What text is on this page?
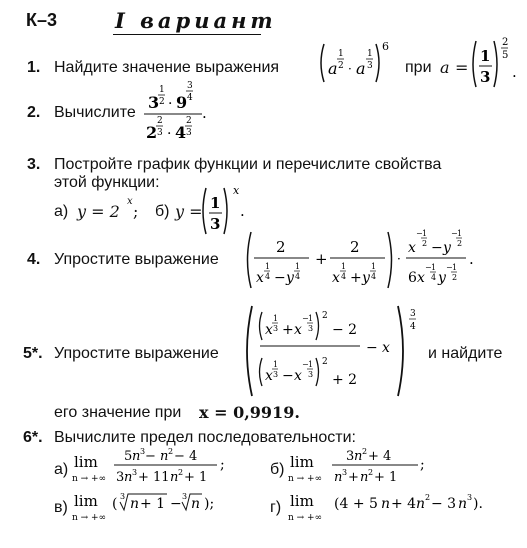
К–3	I вариант
1. Найдите значение выражения	a
1
2 · a
1
3
6
при a =
1
3
2
5
.
2. Вычислите
3
1
2 · 9
3
4
2
2
3 · 4
2
3
.
3. Постройте график функции и перечислите свойства
этой функции:
а) y = 2
x
; б) y = 1
3
x
.
4. Упростите выражение
2
x
1
4 − y
1
4
+
2
x
1
4 + y
1
4
·
x
− 1
2 − y
− 1
2
6 x
− 1
4 y
− 1
2
.
5*. Упростите выражение
x
1
3 + x
− 1
3
2
− 2
x
1
3 − x
− 1
3
2
+ 2
− x
3
4
и найдите
его значение при x = 0,9919.
6*. Вычислите предел последовательности:
а) lim
n → +∞
5 n 3 − n 2 − 4
3 n 3 + 11 n 2 + 1
;	б) lim
n → +∞
3 n 2 + 4
n 3 + n 2 + 1
;
в) lim
n → +∞
( 3 n + 1 − 3 n );	г) lim
n → +∞
(4 + 5 n + 4 n 2 − 3 n 3 ).
